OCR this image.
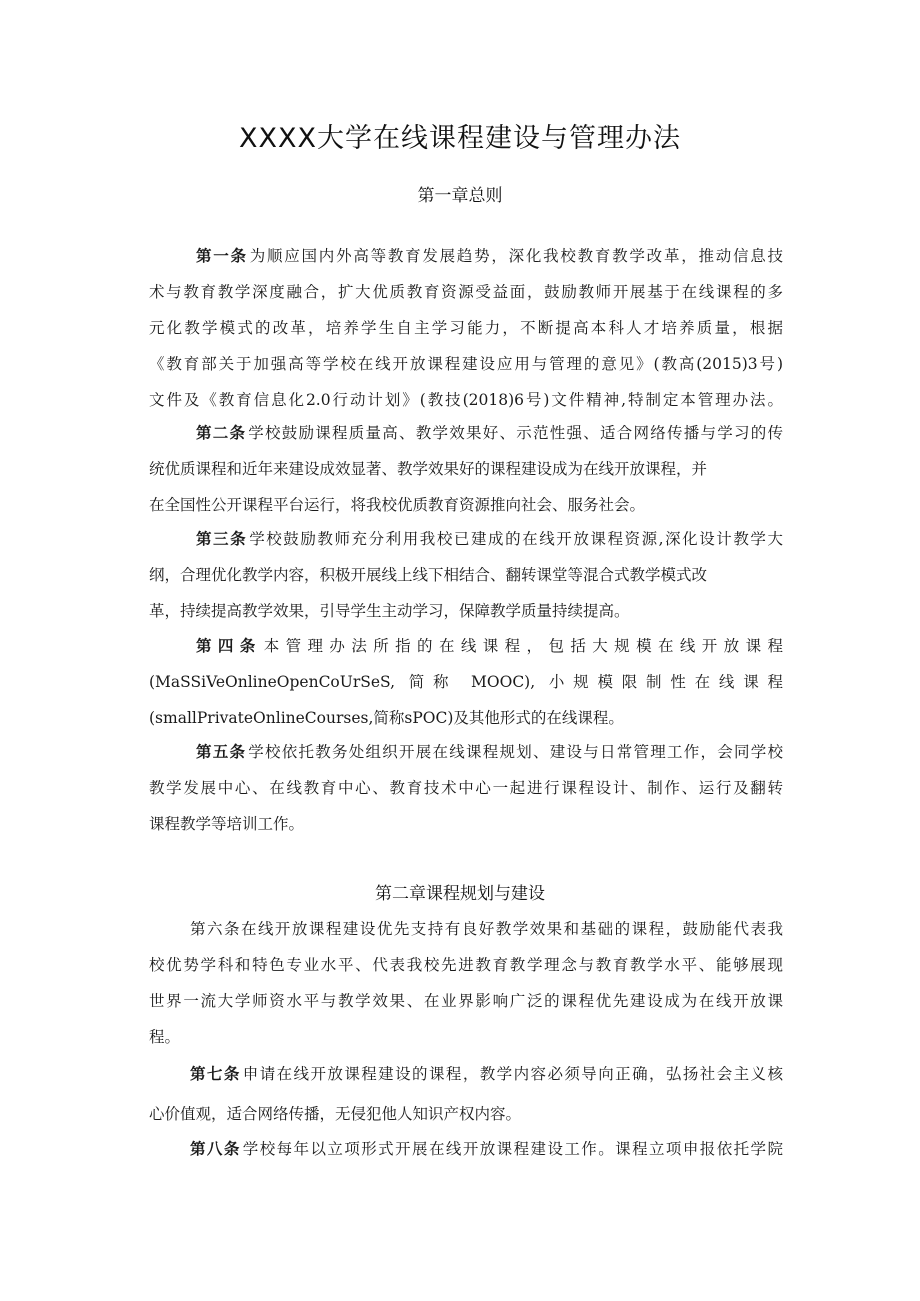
XXXX大学在线课程建设与管理办法
第一章总则
第一条 为顺应国内外高等教育发展趋势，深化我校教育教学改革，推动信息技
术与教育教学深度融合，扩大优质教育资源受益面，鼓励教师开展基于在线课程的多
元化教学模式的改革，培养学生自主学习能力，不断提高本科人才培养质量，根据
《教育部关于加强高等学校在线开放课程建设应用与管理的意见》(教高(2015)3号)
文件及《教育信息化2.0行动计划》(教技(2018)6号)文件精神,特制定本管理办法。
第二条 学校鼓励课程质量高、教学效果好、示范性强、适合网络传播与学习的传
统优质课程和近年来建设成效显著、教学效果好的课程建设成为在线开放课程，并
在全国性公开课程平台运行，将我校优质教育资源推向社会、服务社会。
第三条 学校鼓励教师充分利用我校已建成的在线开放课程资源,深化设计教学大
纲，合理优化教学内容，积极开展线上线下相结合、翻转课堂等混合式教学模式改
革，持续提高教学效果，引导学生主动学习，保障教学质量持续提高。
第四条 本管理办法所指的在线课程，包括大规模在线开放课程
(MaSSiVeOnlineOpenCoUrSeS, 简称 MOOC), 小规模限制性在线课程
(smallPrivateOnlineCourses,简称sPOC)及其他形式的在线课程。
第五条 学校依托教务处组织开展在线课程规划、建设与日常管理工作，会同学校
教学发展中心、在线教育中心、教育技术中心一起进行课程设计、制作、运行及翻转
课程教学等培训工作。
第二章课程规划与建设
第六条在线开放课程建设优先支持有良好教学效果和基础的课程，鼓励能代表我
校优势学科和特色专业水平、代表我校先进教育教学理念与教育教学水平、能够展现
世界一流大学师资水平与教学效果、在业界影响广泛的课程优先建设成为在线开放课
程。
第七条 申请在线开放课程建设的课程，教学内容必须导向正确，弘扬社会主义核
心价值观，适合网络传播，无侵犯他人知识产权内容。
第八条 学校每年以立项形式开展在线开放课程建设工作。课程立项申报依托学院
